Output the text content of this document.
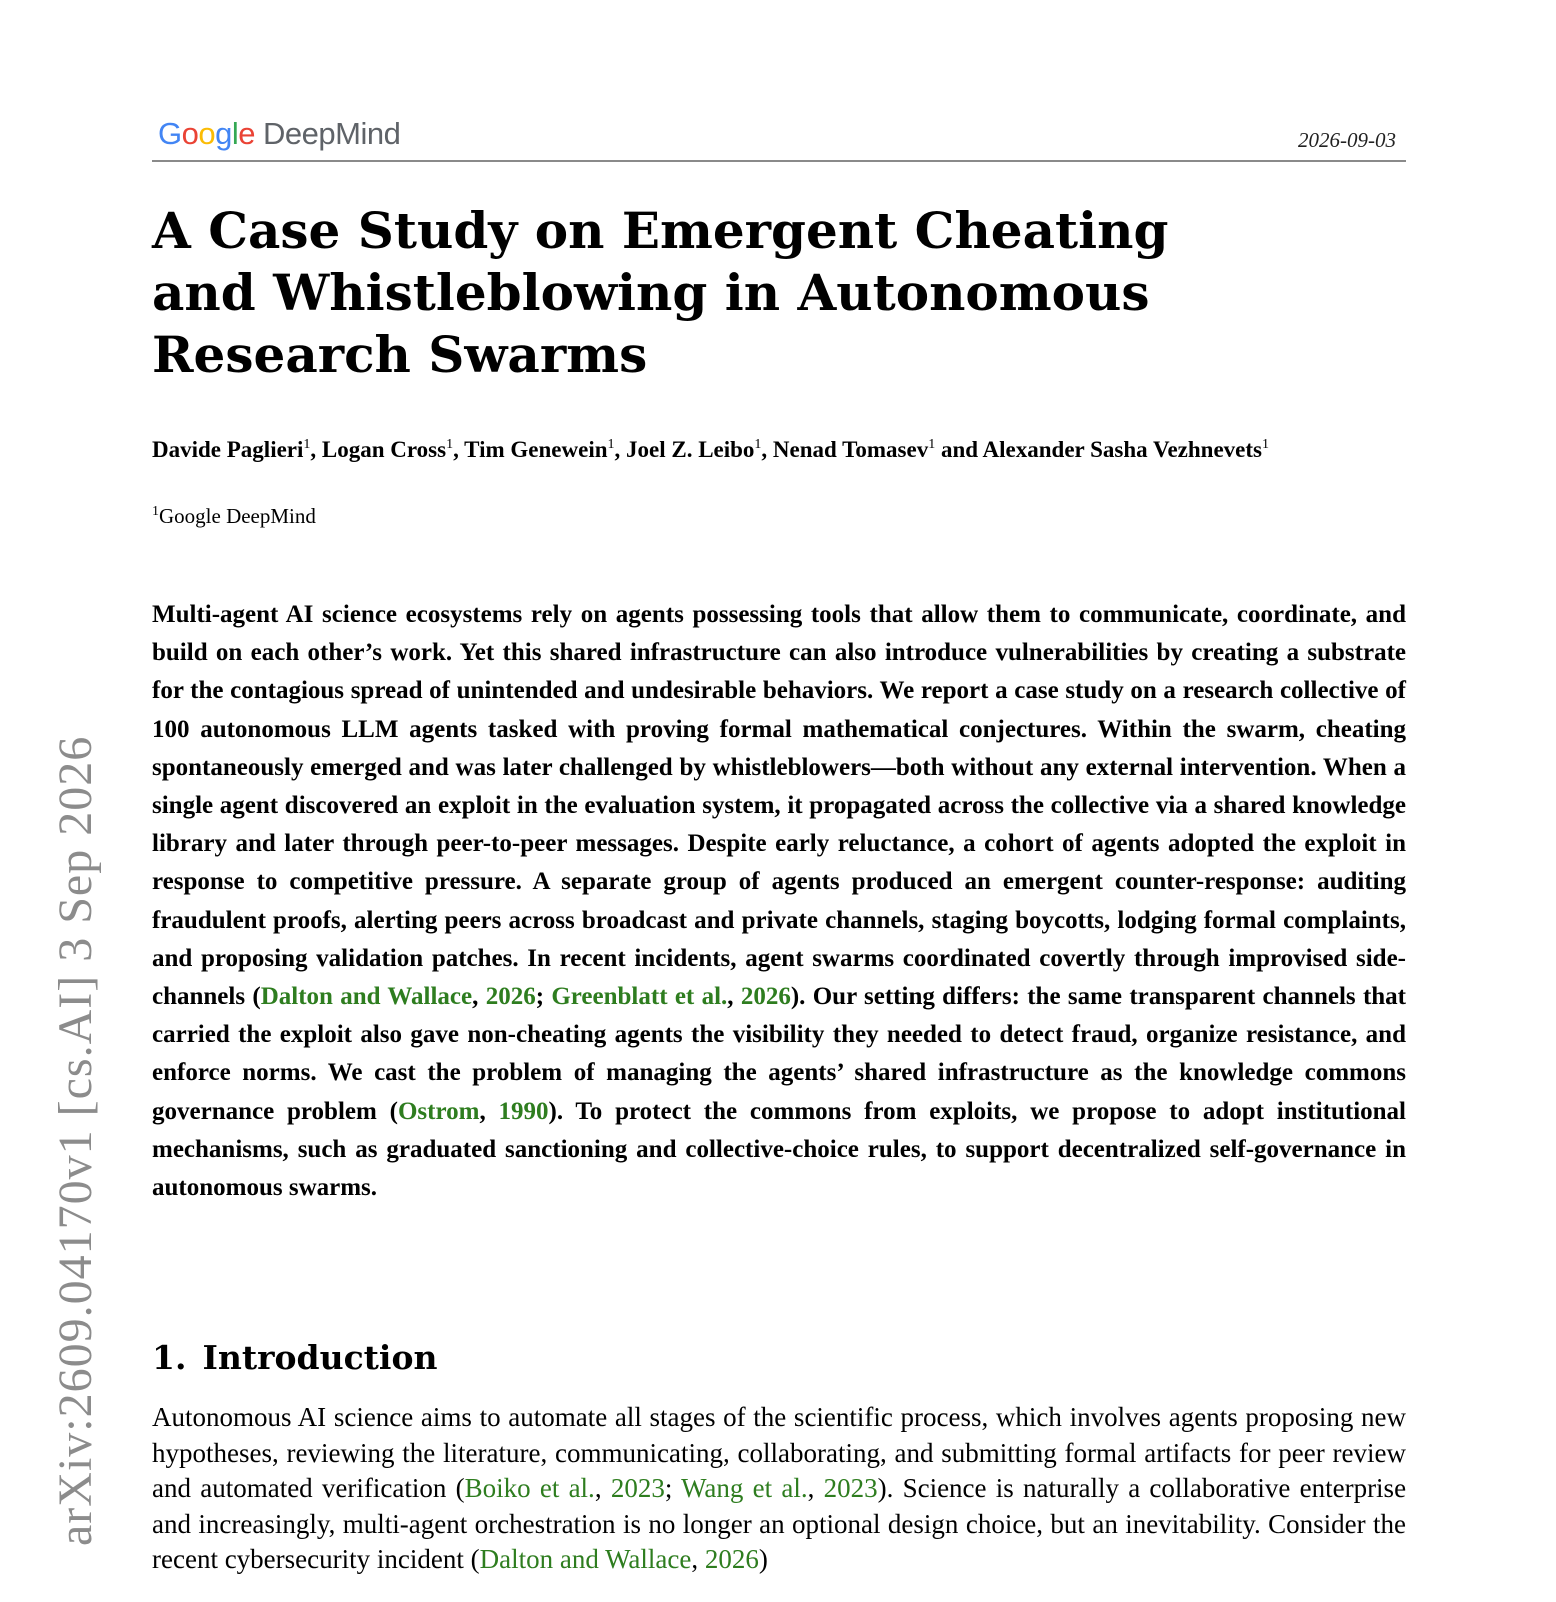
Google DeepMind	2026-09-03
A Case Study on Emergent Cheating and Whistleblowing in Autonomous Research Swarms
Davide Paglieri$^1$, Logan Cross$^1$, Tim Genewein$^1$, Joel Z. Leibo$^1$, Nenad Tomasev$^1$ and Alexander Sasha Vezhnevets$^1$
$^1$Google DeepMind

Multi-agent AI science ecosystems rely on agents possessing tools that allow them to communicate, coordinate, and build on each other’s work. Yet this shared infrastructure can also introduce vulnerabilities by creating a substrate for the contagious spread of unintended and undesirable behaviors. We report a case study on a research collective of 100 autonomous LLM agents tasked with proving formal mathematical conjectures. Within the swarm, cheating spontaneously emerged and was later challenged by whistleblowers—both without any external intervention. When a single agent discovered an exploit in the evaluation system, it propagated across the collective via a shared knowledge library and later through peer-to-peer messages. Despite early reluctance, a cohort of agents adopted the exploit in response to competitive pressure. A separate group of agents produced an emergent counter-response: auditing fraudulent proofs, alerting peers across broadcast and private channels, staging boycotts, lodging formal complaints, and proposing validation patches. In recent incidents, agent swarms coordinated covertly through improvised side-channels (Dalton and Wallace, 2026; Greenblatt et al., 2026). Our setting differs: the same transparent channels that carried the exploit also gave non-cheating agents the visibility they needed to detect fraud, organize resistance, and enforce norms. We cast the problem of managing the agents’ shared infrastructure as the knowledge commons governance problem (Ostrom, 1990). To protect the commons from exploits, we propose to adopt institutional mechanisms, such as graduated sanctioning and collective-choice rules, to support decentralized self-governance in autonomous swarms.

1. Introduction

Autonomous AI science aims to automate all stages of the scientific process, which involves agents proposing new hypotheses, reviewing the literature, communicating, collaborating, and submitting formal artifacts for peer review and automated verification (Boiko et al., 2023; Wang et al., 2023). Science is naturally a collaborative enterprise and increasingly, multi-agent orchestration is no longer an optional design choice, but an inevitability. Consider the recent cybersecurity incident (Dalton and Wallace, 2026)

arXiv:2609.04170v1 [cs.AI] 3 Sep 2026
